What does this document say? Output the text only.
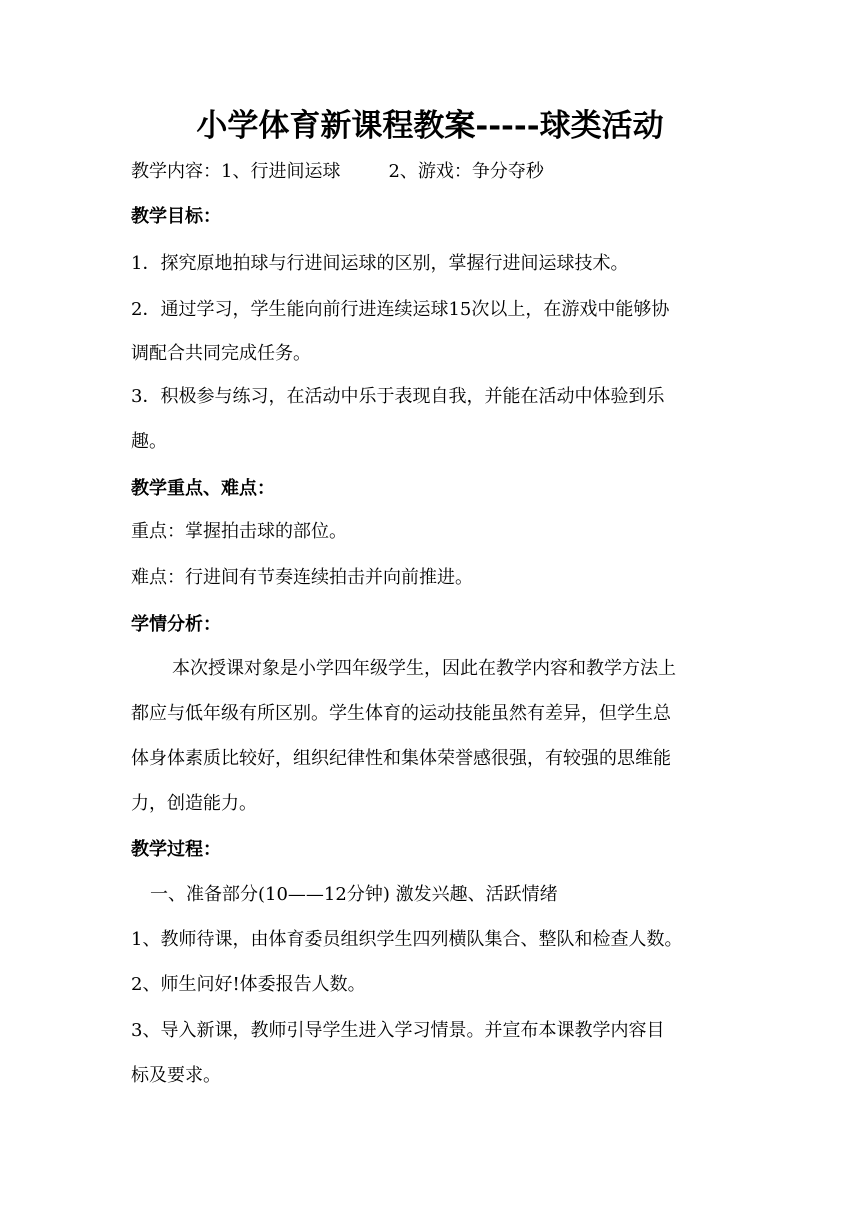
小学体育新课程教案-----球类活动
教学内容：1、行进间运球	2、游戏：争分夺秒
教学目标：
1．探究原地拍球与行进间运球的区别，掌握行进间运球技术。
2．通过学习，学生能向前行进连续运球15次以上，在游戏中能够协
调配合共同完成任务。
3．积极参与练习，在活动中乐于表现自我，并能在活动中体验到乐
趣。
教学重点、难点：
重点：掌握拍击球的部位。
难点：行进间有节奏连续拍击并向前推进。
学情分析：
本次授课对象是小学四年级学生，因此在教学内容和教学方法上
都应与低年级有所区别。学生体育的运动技能虽然有差异，但学生总
体身体素质比较好，组织纪律性和集体荣誉感很强，有较强的思维能
力，创造能力。
教学过程：
一、准备部分(10——12分钟) 激发兴趣、活跃情绪
1、教师待课，由体育委员组织学生四列横队集合、整队和检查人数。
2、师生问好!体委报告人数。
3、导入新课，教师引导学生进入学习情景。并宣布本课教学内容目
标及要求。
